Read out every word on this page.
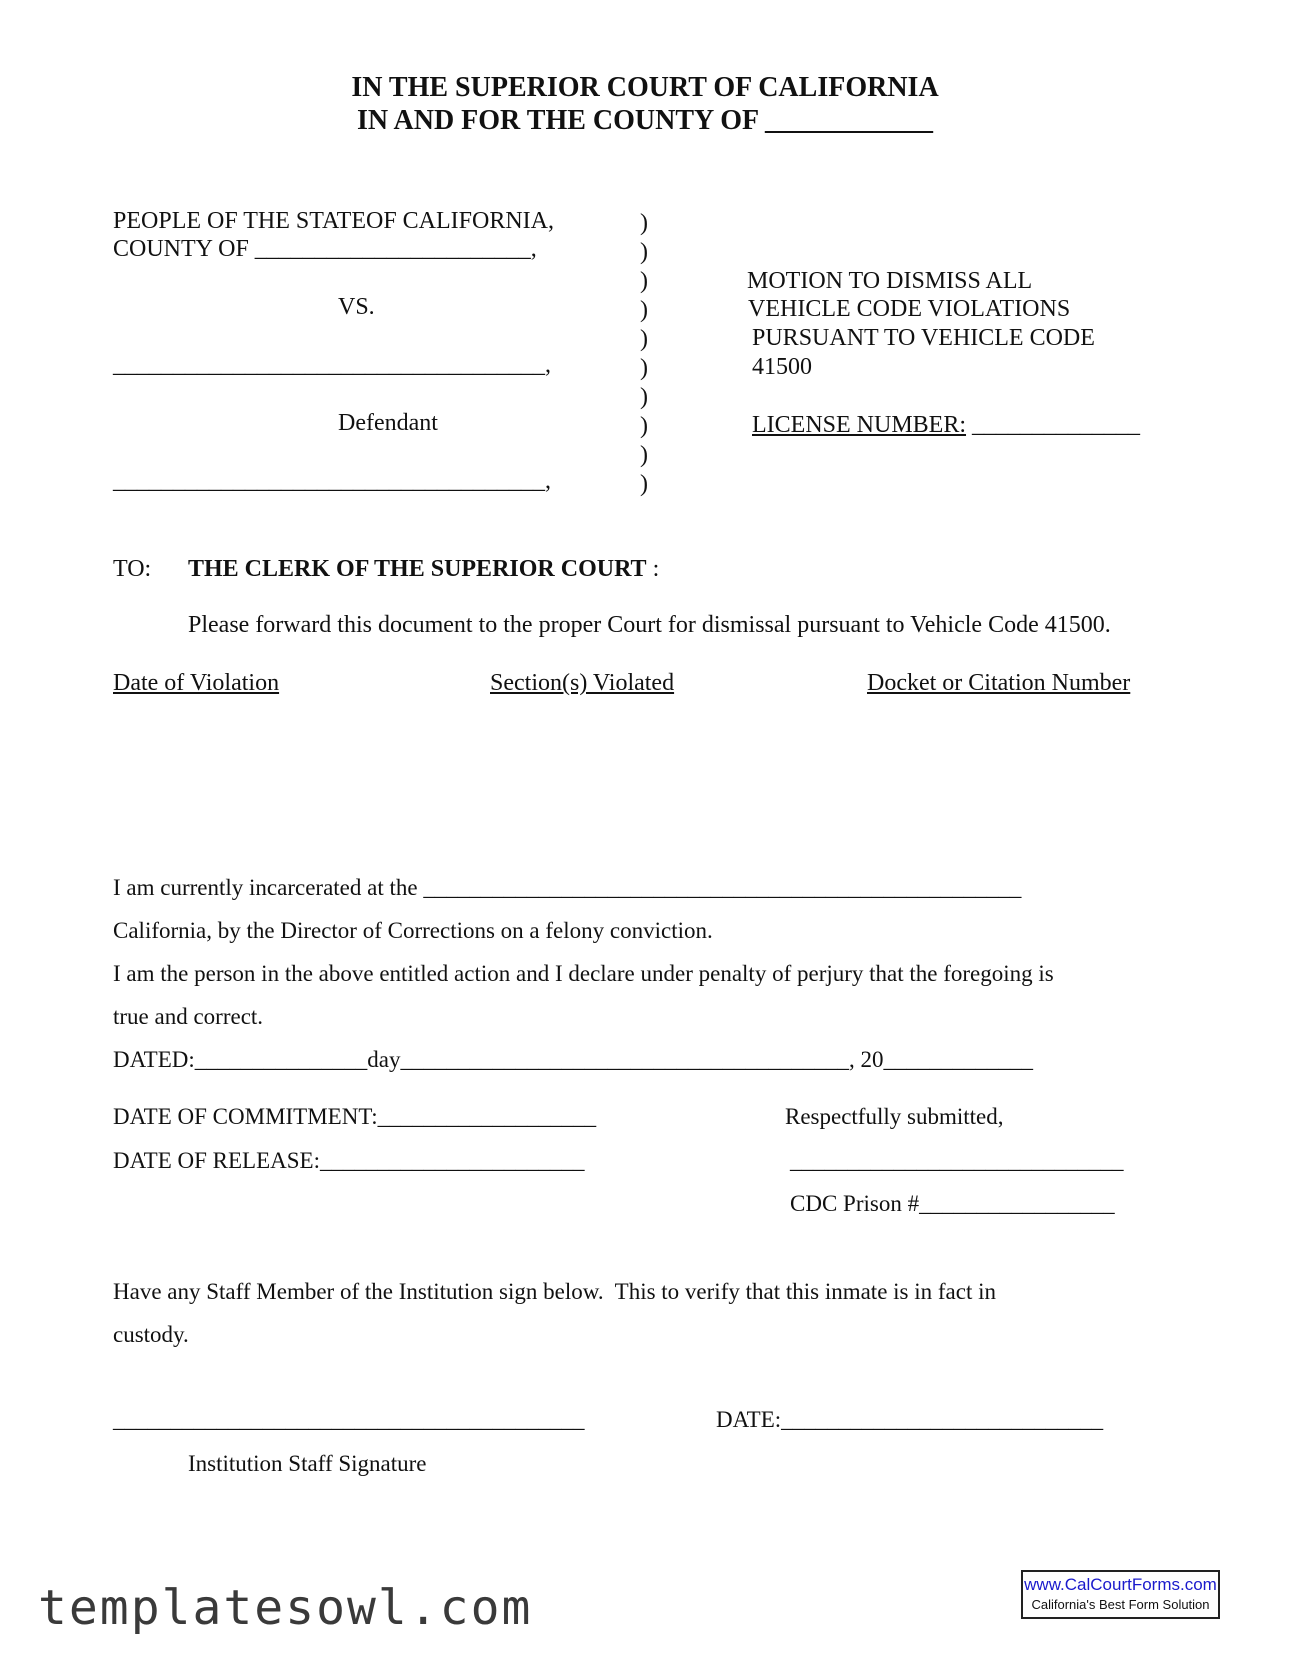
IN THE SUPERIOR COURT OF CALIFORNIA
IN AND FOR THE COUNTY OF ____________
PEOPLE OF THE STATEOF CALIFORNIA,
COUNTY OF _______________________,
VS.
____________________________________,
Defendant
____________________________________,
)
)
)
)
)
)
)
)
)
)
MOTION TO DISMISS ALL
VEHICLE CODE VIOLATIONS
PURSUANT TO VEHICLE CODE
41500
LICENSE NUMBER: ______________
TO: THE CLERK OF THE SUPERIOR COURT :
Please forward this document to the proper Court for dismissal pursuant to Vehicle Code 41500.
Date of Violation	Section(s) Violated	Docket or Citation Number
I am currently incarcerated at the ____________________________________________________
California, by the Director of Corrections on a felony conviction.
I am the person in the above entitled action and I declare under penalty of perjury that the foregoing is
true and correct.
DATED:_______________day_______________________________________, 20_____________
DATE OF COMMITMENT:___________________
DATE OF RELEASE:_______________________
Respectfully submitted,
_____________________________
CDC Prison #_________________
Have any Staff Member of the Institution sign below.  This to verify that this inmate is in fact in
custody.
_________________________________________	DATE:____________________________
Institution Staff Signature
templatesowl.com	www.CalCourtForms.com
California's Best Form Solution
